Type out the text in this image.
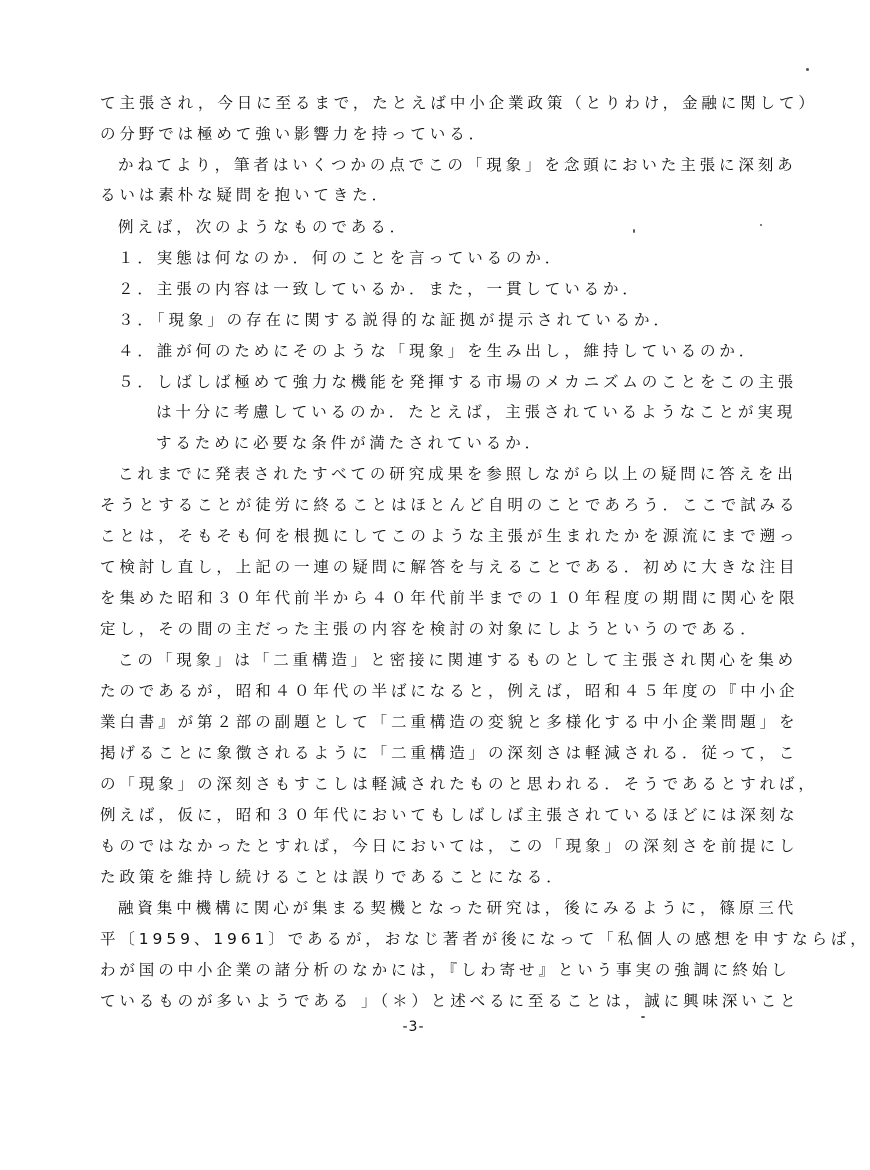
て主張され，今日に至るまで，たとえば中小企業政策（とりわけ，金融に関して）
の分野では極めて強い影響力を持っている．
かねてより，筆者はいくつかの点でこの「現象」を念頭においた主張に深刻あ
るいは素朴な疑問を抱いてきた．
例えば，次のようなものである．
１．実態は何なのか．何のことを言っているのか．
２．主張の内容は一致しているか．また，一貫しているか．
３．「現象」の存在に関する説得的な証拠が提示されているか．
４．誰が何のためにそのような「現象」を生み出し，維持しているのか．
５．しばしば極めて強力な機能を発揮する市場のメカニズムのことをこの主張
は十分に考慮しているのか．たとえば，主張されているようなことが実現
するために必要な条件が満たされているか．
これまでに発表されたすべての研究成果を参照しながら以上の疑問に答えを出
そうとすることが徒労に終ることはほとんど自明のことであろう．ここで試みる
ことは，そもそも何を根拠にしてこのような主張が生まれたかを源流にまで遡っ
て検討し直し，上記の一連の疑問に解答を与えることである．初めに大きな注目
を集めた昭和３０年代前半から４０年代前半までの１０年程度の期間に関心を限
定し，その間の主だった主張の内容を検討の対象にしようというのである．
この「現象」は「二重構造」と密接に関連するものとして主張され関心を集め
たのであるが，昭和４０年代の半ばになると，例えば，昭和４５年度の『中小企
業白書』が第２部の副題として「二重構造の変貌と多様化する中小企業問題」を
掲げることに象徴されるように「二重構造」の深刻さは軽減される．従って，こ
の「現象」の深刻さもすこしは軽減されたものと思われる．そうであるとすれば，
例えば，仮に，昭和３０年代においてもしばしば主張されているほどには深刻な
ものではなかったとすれば，今日においては，この「現象」の深刻さを前提にし
た政策を維持し続けることは誤りであることになる．
融資集中機構に関心が集まる契機となった研究は，後にみるように，篠原三代
平〔1959、1961〕であるが，おなじ著者が後になって「私個人の感想を申すならば，
わが国の中小企業の諸分析のなかには，『しわ寄せ』という事実の強調に終始し
ているものが多いようである 」（＊）と述べるに至ることは，誠に興味深いこと
-3-
